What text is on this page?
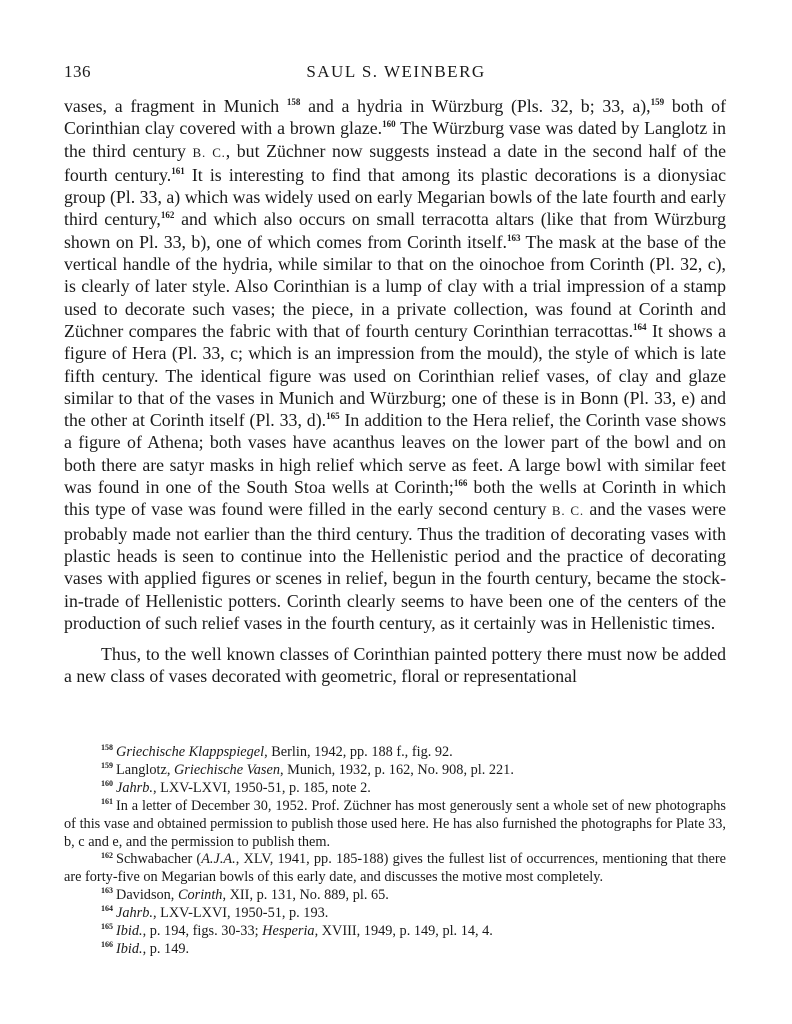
136	SAUL S. WEINBERG

vases, a fragment in Munich $^{158}$ and a hydria in Würzburg (Pls. 32, b; 33, a),$^{159}$ both of Corinthian clay covered with a brown glaze.$^{160}$ The Würzburg vase was dated by Langlotz in the third century B. C., but Züchner now suggests instead a date in the second half of the fourth century.$^{161}$ It is interesting to find that among its plastic decorations is a dionysiac group (Pl. 33, a) which was widely used on early Megarian bowls of the late fourth and early third century,$^{162}$ and which also occurs on small terracotta altars (like that from Würzburg shown on Pl. 33, b), one of which comes from Corinth itself.$^{163}$ The mask at the base of the vertical handle of the hydria, while similar to that on the oinochoe from Corinth (Pl. 32, c), is clearly of later style. Also Corinthian is a lump of clay with a trial impression of a stamp used to decorate such vases; the piece, in a private collection, was found at Corinth and Züchner compares the fabric with that of fourth century Corinthian terracottas.$^{164}$ It shows a figure of Hera (Pl. 33, c; which is an impression from the mould), the style of which is late fifth century. The identical figure was used on Corinthian relief vases, of clay and glaze similar to that of the vases in Munich and Würzburg; one of these is in Bonn (Pl. 33, e) and the other at Corinth itself (Pl. 33, d).$^{165}$ In addition to the Hera relief, the Corinth vase shows a figure of Athena; both vases have acanthus leaves on the lower part of the bowl and on both there are satyr masks in high relief which serve as feet. A large bowl with similar feet was found in one of the South Stoa wells at Corinth;$^{166}$ both the wells at Corinth in which this type of vase was found were filled in the early second century B. C. and the vases were probably made not earlier than the third century. Thus the tradition of decorating vases with plastic heads is seen to continue into the Hellenistic period and the practice of decorating vases with applied figures or scenes in relief, begun in the fourth century, became the stock-in-trade of Hellenistic potters. Corinth clearly seems to have been one of the centers of the production of such relief vases in the fourth century, as it certainly was in Hellenistic times.

Thus, to the well known classes of Corinthian painted pottery there must now be added a new class of vases decorated with geometric, floral or representational

$^{158}$ Griechische Klappspiegel, Berlin, 1942, pp. 188 f., fig. 92.

$^{159}$ Langlotz, Griechische Vasen, Munich, 1932, p. 162, No. 908, pl. 221.

$^{160}$ Jahrb., LXV-LXVI, 1950-51, p. 185, note 2.

$^{161}$ In a letter of December 30, 1952. Prof. Züchner has most generously sent a whole set of new photographs of this vase and obtained permission to publish those used here. He has also furnished the photographs for Plate 33, b, c and e, and the permission to publish them.

$^{162}$ Schwabacher (A.J.A., XLV, 1941, pp. 185-188) gives the fullest list of occurrences, mentioning that there are forty-five on Megarian bowls of this early date, and discusses the motive most completely.

$^{163}$ Davidson, Corinth, XII, p. 131, No. 889, pl. 65.

$^{164}$ Jahrb., LXV-LXVI, 1950-51, p. 193.

$^{165}$ Ibid., p. 194, figs. 30-33; Hesperia, XVIII, 1949, p. 149, pl. 14, 4.

$^{166}$ Ibid., p. 149.
